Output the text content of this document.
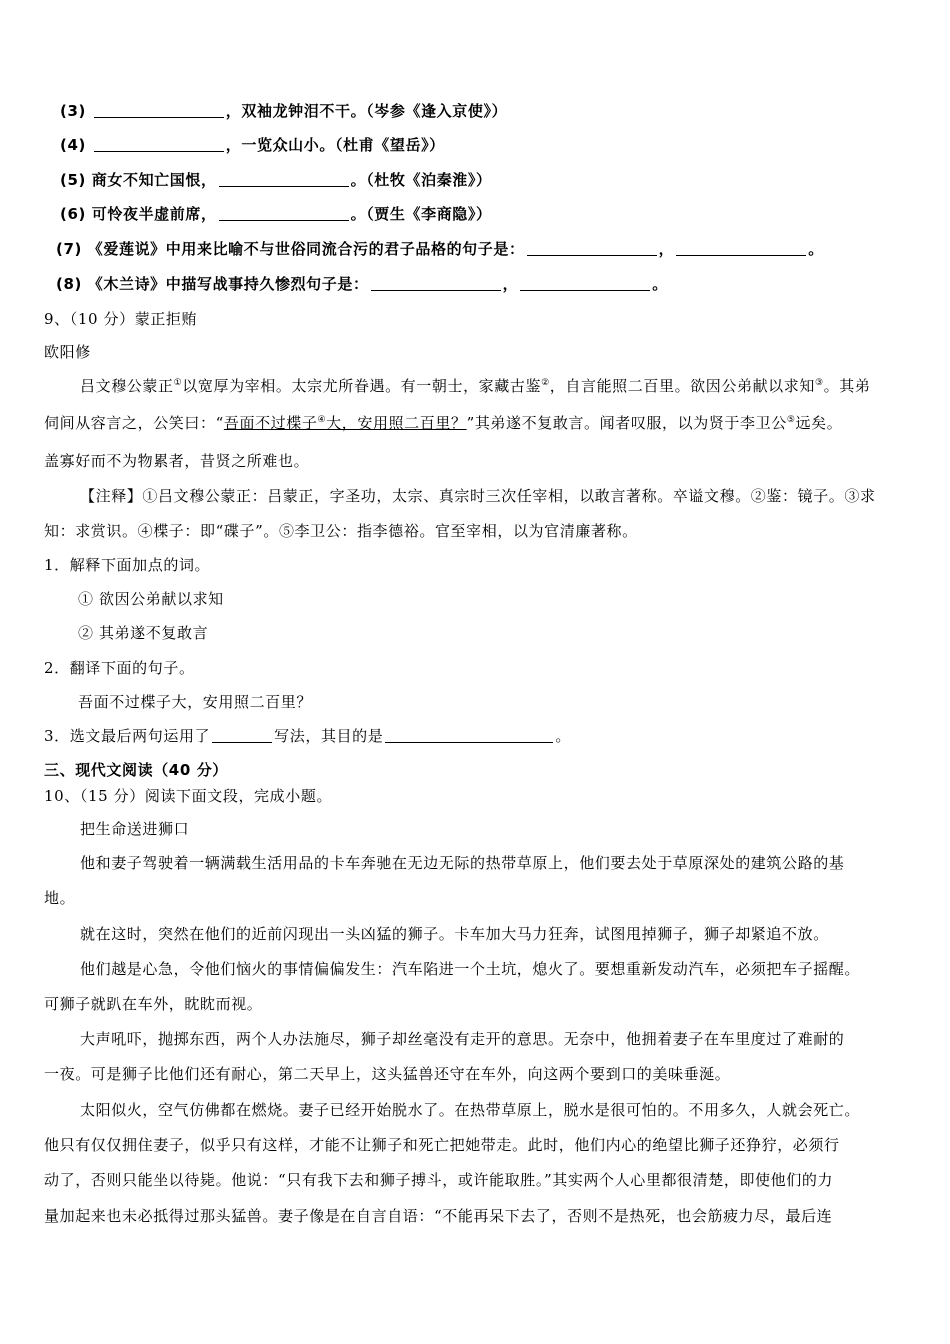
(3)	，双袖龙钟泪不干。（岑参《逢入京使》）
(4)	，一览众山小。（杜甫《望岳》）
(5) 商女不知亡国恨，	。（杜牧《泊秦淮》）
(6) 可怜夜半虚前席，	。（贾生《李商隐》）
(7) 《爱莲说》中用来比喻不与世俗同流合污的君子品格的句子是：	，	。
(8) 《木兰诗》中描写战事持久惨烈句子是：	，	。
9、（10 分）蒙正拒贿
欧阳修
吕文穆公蒙正①以宽厚为宰相。太宗尤所眷遇。有一朝士，家藏古鉴②，自言能照二百里。欲因公弟献以求知③。其弟
伺间从容言之，公笑曰：“吾面不过楪子④大，安用照二百里？”其弟遂不复敢言。闻者叹服，以为贤于李卫公⑤远矣。
盖寡好而不为物累者，昔贤之所难也。
【注释】①吕文穆公蒙正：吕蒙正，字圣功，太宗、真宗时三次任宰相，以敢言著称。卒谥文穆。②鉴：镜子。③求
知：求赏识。④楪子：即“碟子”。⑤李卫公：指李德裕。官至宰相，以为官清廉著称。
1．解释下面加点的词。
① 欲因公弟献以求知
② 其弟遂不复敢言
2．翻译下面的句子。
吾面不过楪子大，安用照二百里？
3．选文最后两句运用了	写法，其目的是	。
三、现代文阅读（40 分）
10、（15 分）阅读下面文段，完成小题。
把生命送进狮口
他和妻子驾驶着一辆满载生活用品的卡车奔驰在无边无际的热带草原上，他们要去处于草原深处的建筑公路的基
地。
就在这时，突然在他们的近前闪现出一头凶猛的狮子。卡车加大马力狂奔，试图甩掉狮子，狮子却紧追不放。
他们越是心急，令他们恼火的事情偏偏发生：汽车陷进一个土坑，熄火了。要想重新发动汽车，必须把车子摇醒。
可狮子就趴在车外，眈眈而视。
大声吼吓，抛掷东西，两个人办法施尽，狮子却丝毫没有走开的意思。无奈中，他拥着妻子在车里度过了难耐的
一夜。可是狮子比他们还有耐心，第二天早上，这头猛兽还守在车外，向这两个要到口的美味垂涎。
太阳似火，空气仿佛都在燃烧。妻子已经开始脱水了。在热带草原上，脱水是很可怕的。不用多久，人就会死亡。
他只有仅仅拥住妻子，似乎只有这样，才能不让狮子和死亡把她带走。此时，他们内心的绝望比狮子还狰狞，必须行
动了，否则只能坐以待毙。他说：“只有我下去和狮子搏斗，或许能取胜。”其实两个人心里都很清楚，即使他们的力
量加起来也未必抵得过那头猛兽。妻子像是在自言自语：“不能再呆下去了，否则不是热死，也会筋疲力尽，最后连
